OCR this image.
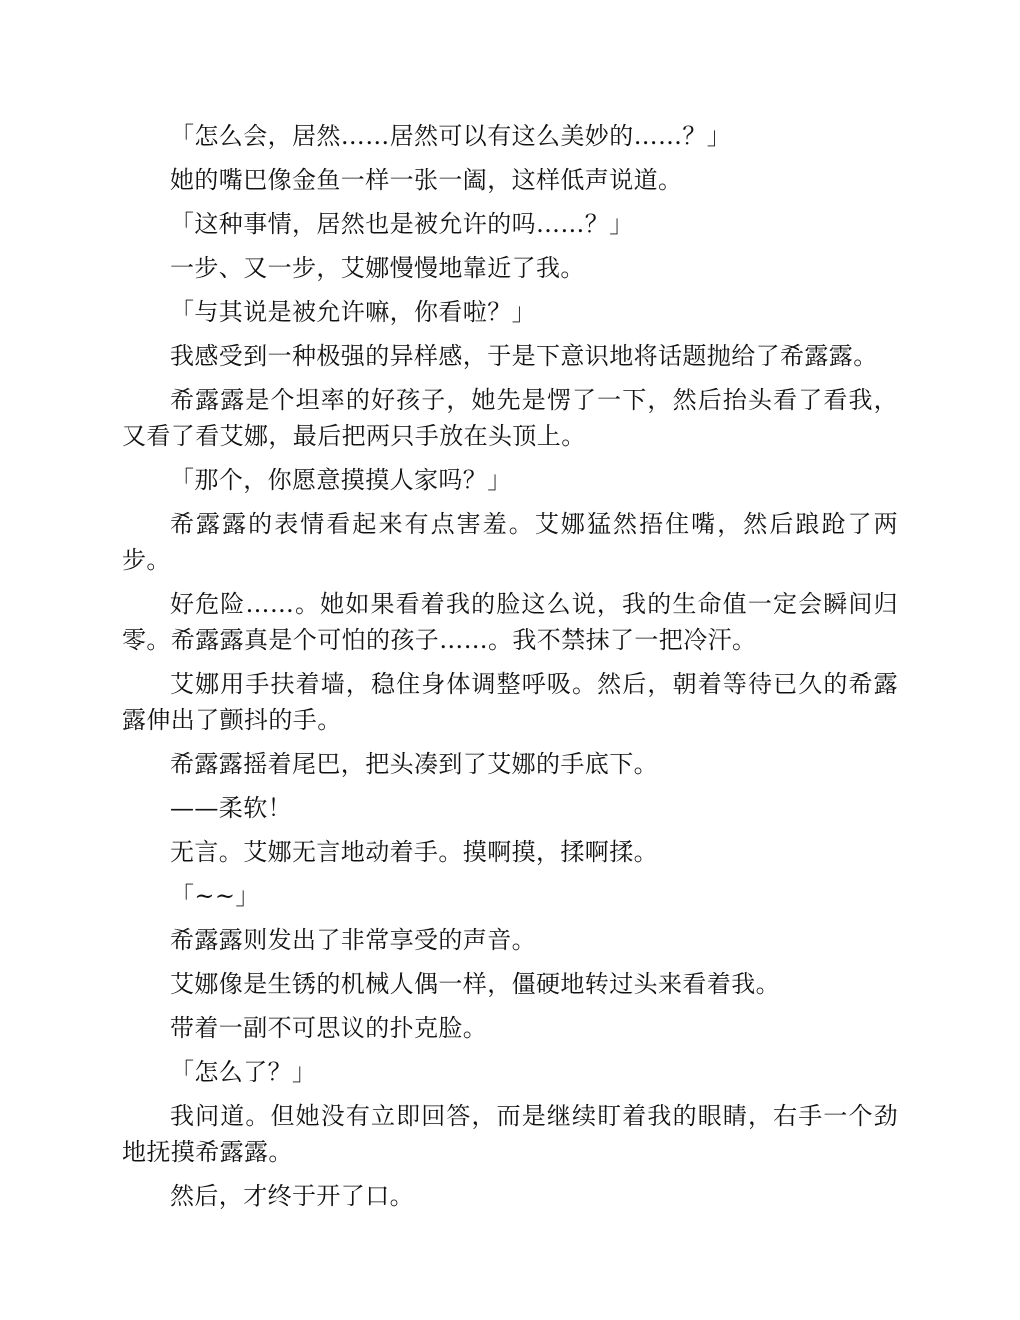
「怎么会，居然……居然可以有这么美妙的……？」

她的嘴巴像金鱼一样一张一阖，这样低声说道。

「这种事情，居然也是被允许的吗……？」

一步、又一步，艾娜慢慢地靠近了我。

「与其说是被允许嘛，你看啦？」

我感受到一种极强的异样感，于是下意识地将话题抛给了希露露。

希露露是个坦率的好孩子，她先是愣了一下，然后抬头看了看我，又看了看艾娜，最后把两只手放在头顶上。

「那个，你愿意摸摸人家吗？」

希露露的表情看起来有点害羞。艾娜猛然捂住嘴，然后踉跄了两步。

好危险……。她如果看着我的脸这么说，我的生命值一定会瞬间归零。希露露真是个可怕的孩子……。我不禁抹了一把冷汗。

艾娜用手扶着墙，稳住身体调整呼吸。然后，朝着等待已久的希露露伸出了颤抖的手。

希露露摇着尾巴，把头凑到了艾娜的手底下。

——柔软！

无言。艾娜无言地动着手。摸啊摸，揉啊揉。

「~~」

希露露则发出了非常享受的声音。

艾娜像是生锈的机械人偶一样，僵硬地转过头来看着我。

带着一副不可思议的扑克脸。

「怎么了？」

我问道。但她没有立即回答，而是继续盯着我的眼睛，右手一个劲地抚摸希露露。

然后，才终于开了口。
